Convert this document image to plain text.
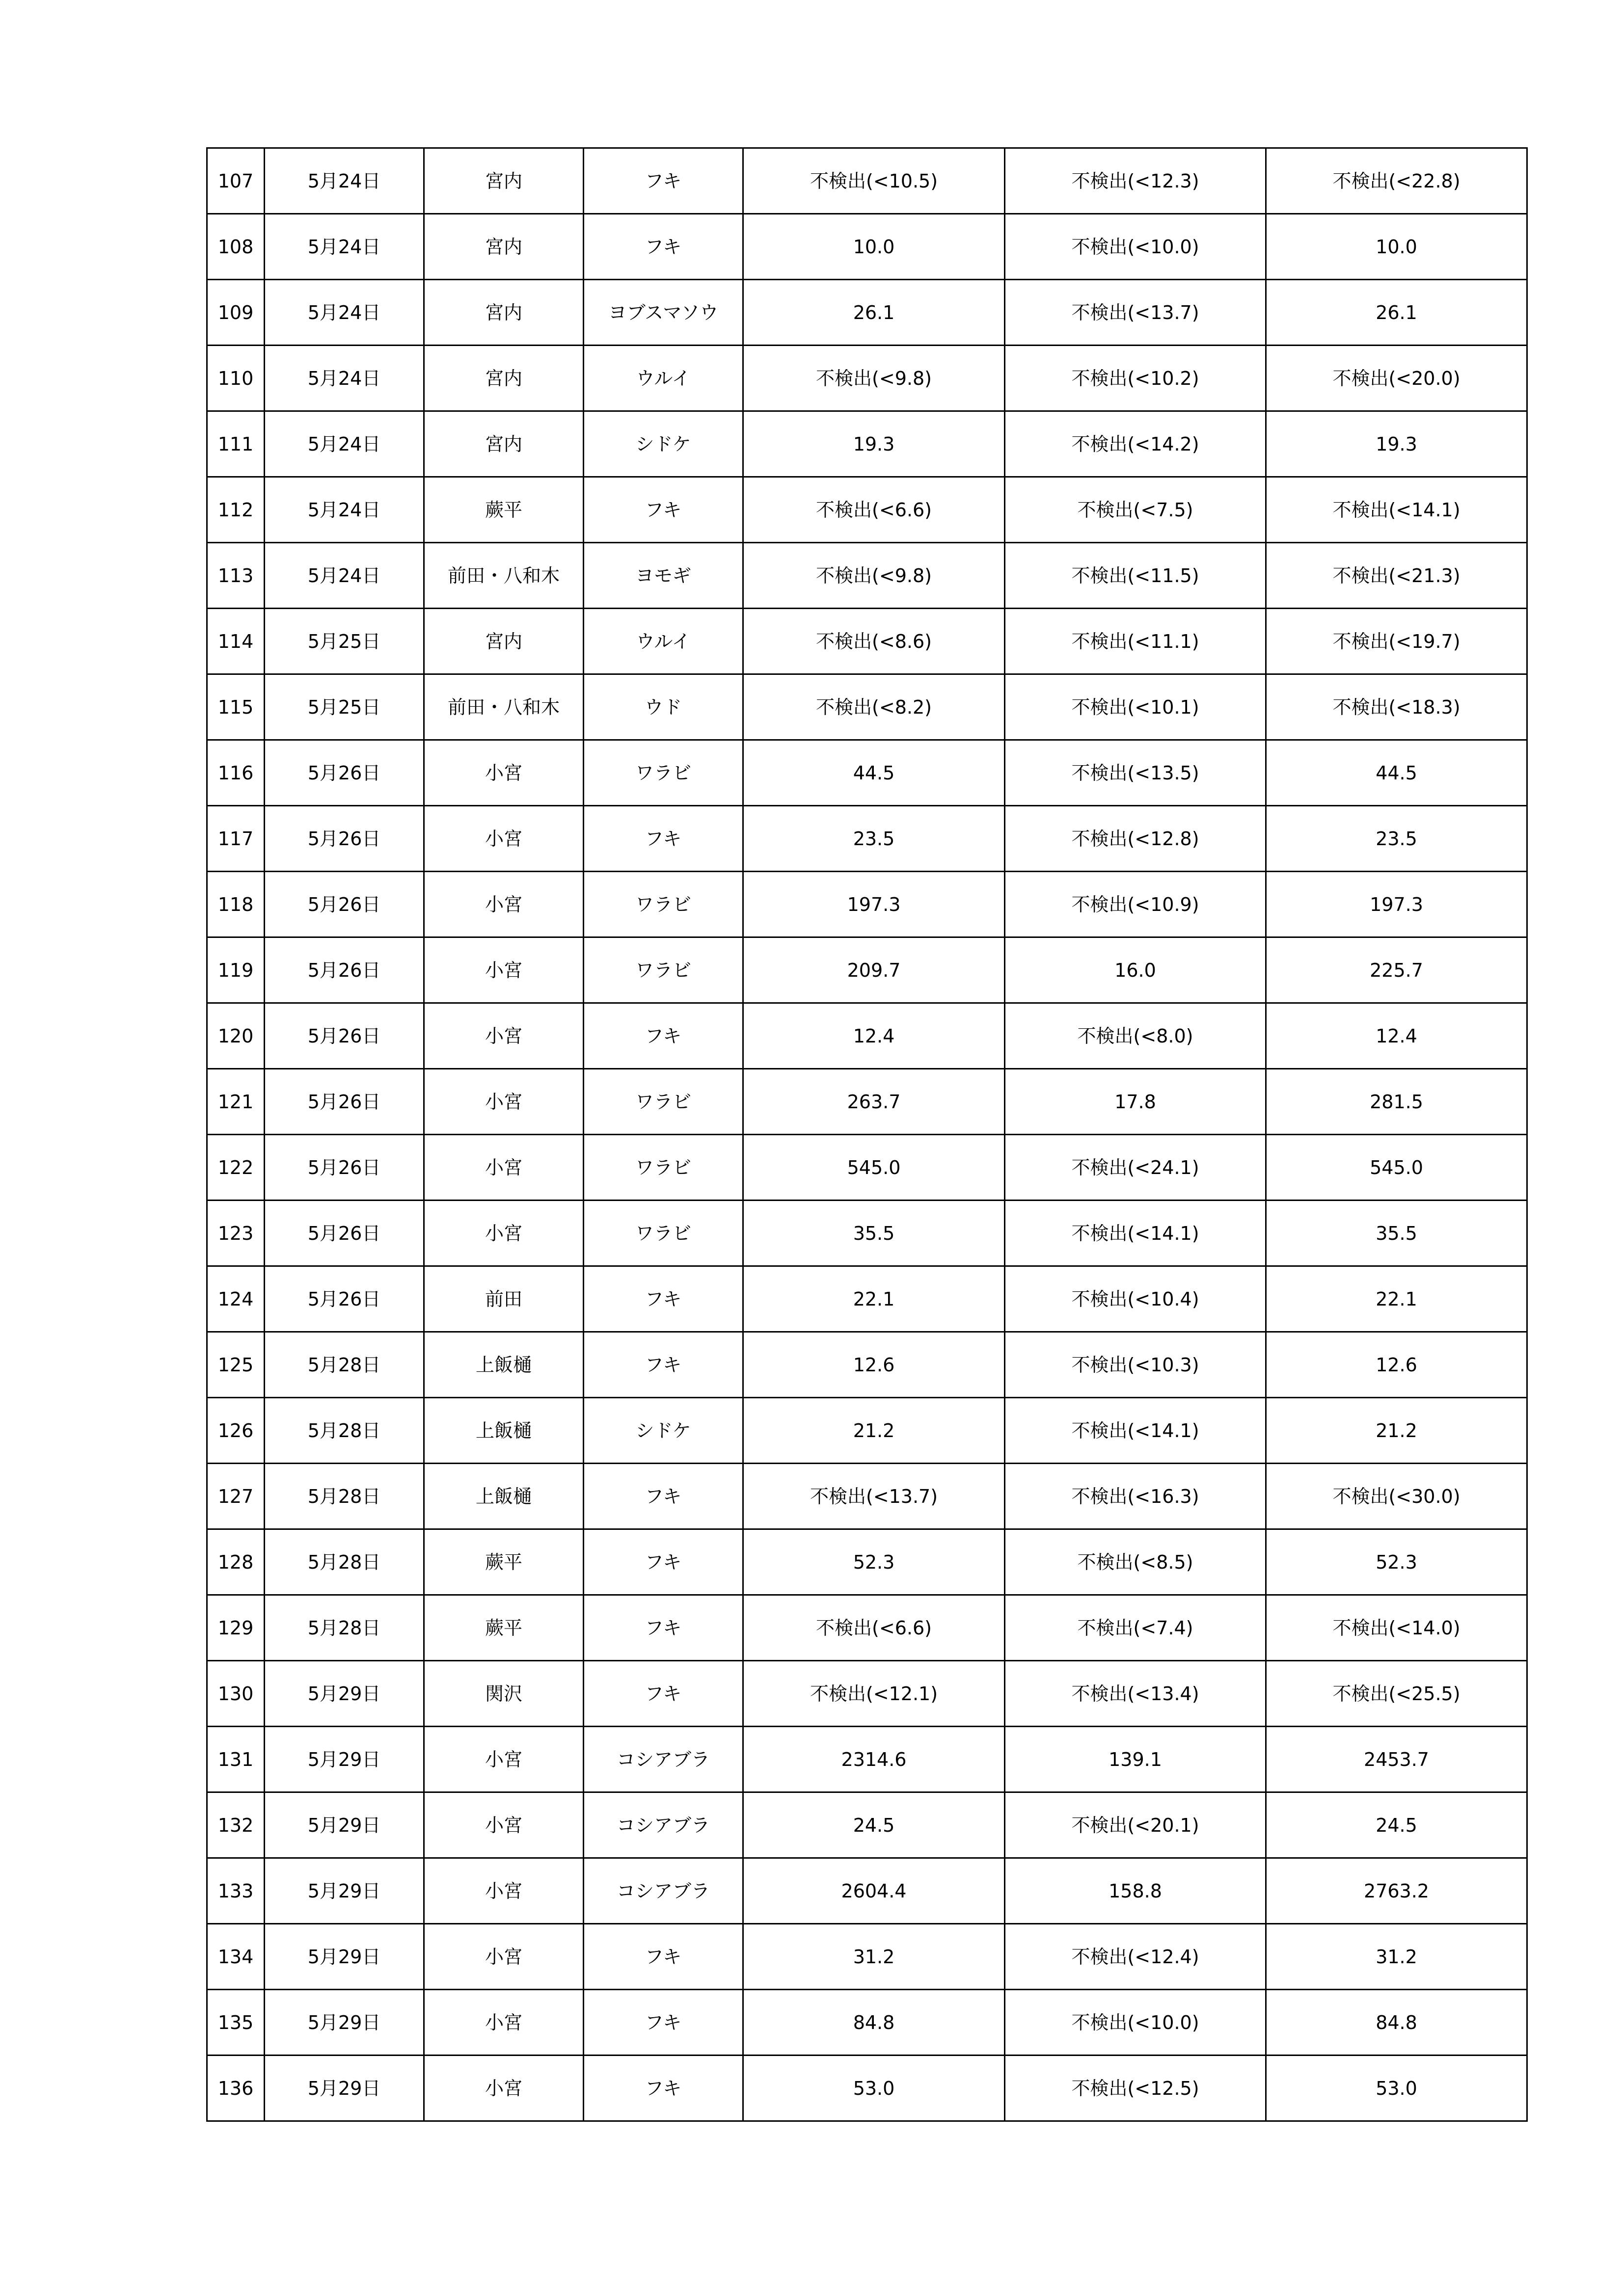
107	5月24日	宮内	フキ	不検出(<10.5)	不検出(<12.3)	不検出(<22.8)
108	5月24日	宮内	フキ	10.0	不検出(<10.0)	10.0
109	5月24日	宮内	ヨブスマソウ	26.1	不検出(<13.7)	26.1
110	5月24日	宮内	ウルイ	不検出(<9.8)	不検出(<10.2)	不検出(<20.0)
111	5月24日	宮内	シドケ	19.3	不検出(<14.2)	19.3
112	5月24日	蕨平	フキ	不検出(<6.6)	不検出(<7.5)	不検出(<14.1)
113	5月24日	前田・八和木	ヨモギ	不検出(<9.8)	不検出(<11.5)	不検出(<21.3)
114	5月25日	宮内	ウルイ	不検出(<8.6)	不検出(<11.1)	不検出(<19.7)
115	5月25日	前田・八和木	ウド	不検出(<8.2)	不検出(<10.1)	不検出(<18.3)
116	5月26日	小宮	ワラビ	44.5	不検出(<13.5)	44.5
117	5月26日	小宮	フキ	23.5	不検出(<12.8)	23.5
118	5月26日	小宮	ワラビ	197.3	不検出(<10.9)	197.3
119	5月26日	小宮	ワラビ	209.7	16.0	225.7
120	5月26日	小宮	フキ	12.4	不検出(<8.0)	12.4
121	5月26日	小宮	ワラビ	263.7	17.8	281.5
122	5月26日	小宮	ワラビ	545.0	不検出(<24.1)	545.0
123	5月26日	小宮	ワラビ	35.5	不検出(<14.1)	35.5
124	5月26日	前田	フキ	22.1	不検出(<10.4)	22.1
125	5月28日	上飯樋	フキ	12.6	不検出(<10.3)	12.6
126	5月28日	上飯樋	シドケ	21.2	不検出(<14.1)	21.2
127	5月28日	上飯樋	フキ	不検出(<13.7)	不検出(<16.3)	不検出(<30.0)
128	5月28日	蕨平	フキ	52.3	不検出(<8.5)	52.3
129	5月28日	蕨平	フキ	不検出(<6.6)	不検出(<7.4)	不検出(<14.0)
130	5月29日	関沢	フキ	不検出(<12.1)	不検出(<13.4)	不検出(<25.5)
131	5月29日	小宮	コシアブラ	2314.6	139.1	2453.7
132	5月29日	小宮	コシアブラ	24.5	不検出(<20.1)	24.5
133	5月29日	小宮	コシアブラ	2604.4	158.8	2763.2
134	5月29日	小宮	フキ	31.2	不検出(<12.4)	31.2
135	5月29日	小宮	フキ	84.8	不検出(<10.0)	84.8
136	5月29日	小宮	フキ	53.0	不検出(<12.5)	53.0
